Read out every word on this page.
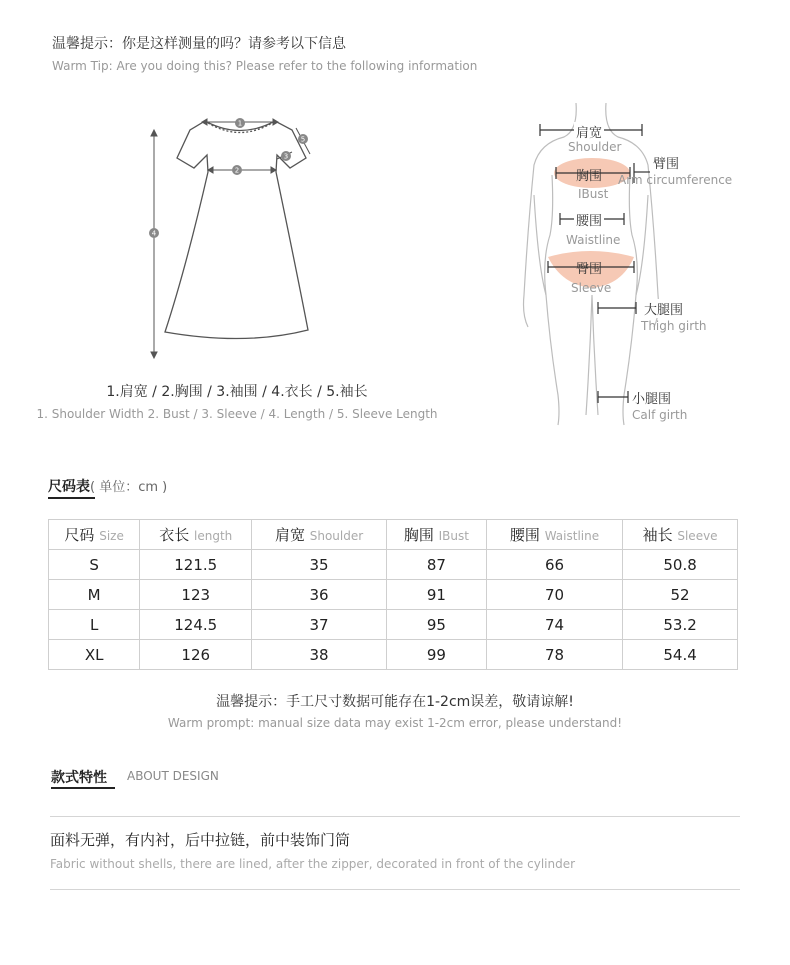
温馨提示：你是这样测量的吗？请参考以下信息
Warm Tip: Are you doing this? Please refer to the following information
1
2
3
4
5
1.肩宽 / 2.胸围 / 3.袖围 / 4.衣长 / 5.袖长
1. Shoulder Width 2. Bust / 3. Sleeve / 4. Length / 5. Sleeve Length
肩宽
Shoulder
胸围
IBust
臂围
Arm circumference
腰围
Waistline
臀围
Sleeve
大腿围
Thigh girth
小腿围
Calf girth
尺码表( 单位：cm )
尺码 Size	衣长 length	肩宽 Shoulder	胸围 IBust	腰围 Waistline	袖长 Sleeve
S	121.5	35	87	66	50.8
M	123	36	91	70	52
L	124.5	37	95	74	53.2
XL	126	38	99	78	54.4
温馨提示：手工尺寸数据可能存在1-2cm误差，敬请谅解!
Warm prompt: manual size data may exist 1-2cm error, please understand!
款式特性 ABOUT DESIGN
面料无弹，有内衬，后中拉链，前中装饰门筒
Fabric without shells, there are lined, after the zipper, decorated in front of the cylinder
